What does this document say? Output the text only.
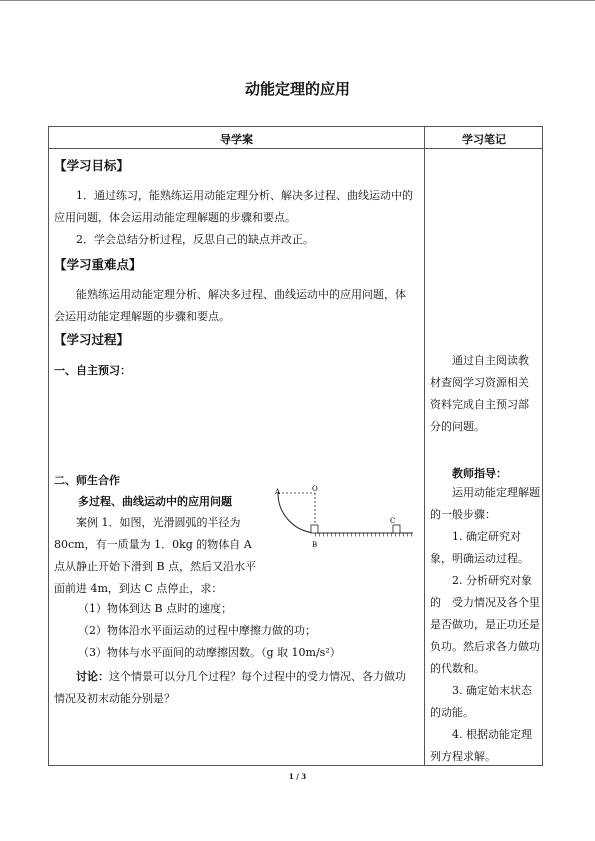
动能定理的应用
导学案	学习笔记
【学习目标】
1．通过练习，能熟练运用动能定理分析、解决多过程、曲线运动中的应用问题，体会运用动能定理解题的步骤和要点。
2．学会总结分析过程，反思自己的缺点并改正。
【学习重难点】
能熟练运用动能定理分析、解决多过程、曲线运动中的应用问题，体会运用动能定理解题的步骤和要点。
【学习过程】
一、自主预习：
二、师生合作
多过程、曲线运动中的应用问题
案例 1．如图，光滑圆弧的半径为 80cm，有一质量为 1．0kg 的物体自 A 点从静止开始下滑到 B 点，然后又沿水平面前进 4m，到达 C 点停止，求：
A	O
B
C
（1）物体到达 B 点时的速度；
（2）物体沿水平面运动的过程中摩擦力做的功；
（3）物体与水平面间的动摩擦因数。（g 取 10m/s²）
讨论：这个情景可以分几个过程？每个过程中的受力情况、各力做功情况及初末动能分别是？
通过自主阅读教材查阅学习资源相关资料完成自主预习部分的问题。
教师指导：
运用动能定理解题的一般步骤：
1. 确定研究对象，明确运动过程。
2. 分析研究对象的　受力情况及各个里是否做功，是正功还是负功。然后求各力做功的代数和。
3. 确定始末状态的动能。
4. 根据动能定理列方程求解。
1 / 3
